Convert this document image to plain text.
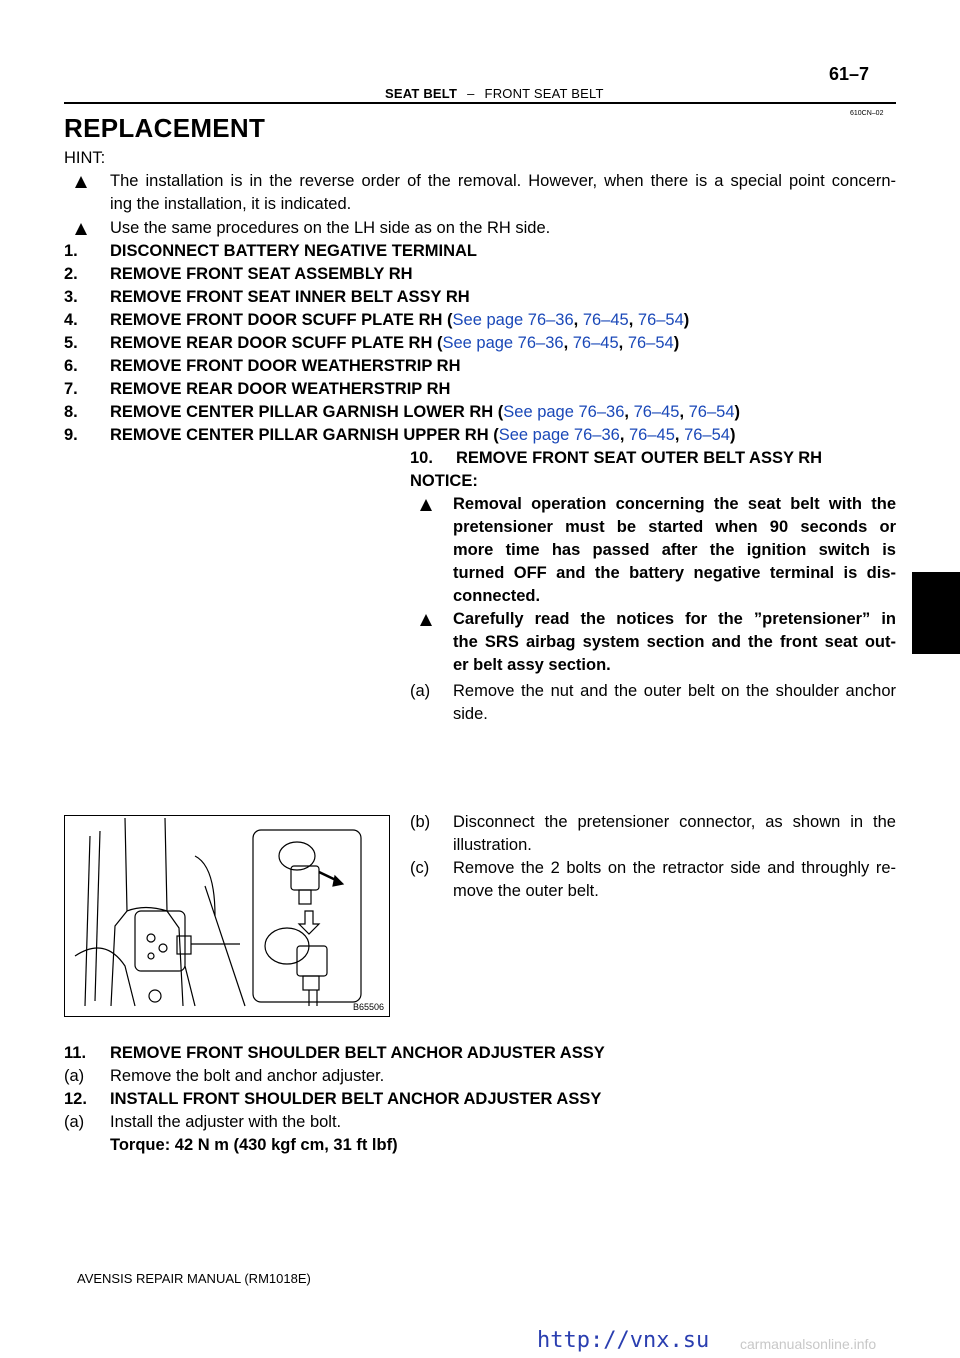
61–7
SEAT BELT – FRONT SEAT BELT
610CN–02
REPLACEMENT
HINT:
The installation is in the reverse order of the removal. However, when there is a special point concern-
ing the installation, it is indicated.
Use the same procedures on the LH side as on the RH side.
1. DISCONNECT BATTERY NEGATIVE TERMINAL
2. REMOVE FRONT SEAT ASSEMBLY RH
3. REMOVE FRONT SEAT INNER BELT ASSY RH
4. REMOVE FRONT DOOR SCUFF PLATE RH (See page 76–36, 76–45, 76–54)
5. REMOVE REAR DOOR SCUFF PLATE RH (See page 76–36, 76–45, 76–54)
6. REMOVE FRONT DOOR WEATHERSTRIP RH
7. REMOVE REAR DOOR WEATHERSTRIP RH
8. REMOVE CENTER PILLAR GARNISH LOWER RH (See page 76–36, 76–45, 76–54)
9. REMOVE CENTER PILLAR GARNISH UPPER RH (See page 76–36, 76–45, 76–54)
10. REMOVE FRONT SEAT OUTER BELT ASSY RH
NOTICE:
Removal operation concerning the seat belt with the
pretensioner must be started when 90 seconds or
more time has passed after the ignition switch is
turned OFF and the battery negative terminal is dis-
connected.
Carefully read the notices for the ”pretensioner” in
the SRS airbag system section and the front seat out-
er belt assy section.
(a) Remove the nut and the outer belt on the shoulder anchor
side.
(b) Disconnect the pretensioner connector, as shown in the
illustration.
(c) Remove the 2 bolts on the retractor side and throughly re-
move the outer belt.
B65506
11. REMOVE FRONT SHOULDER BELT ANCHOR ADJUSTER ASSY
(a) Remove the bolt and anchor adjuster.
12. INSTALL FRONT SHOULDER BELT ANCHOR ADJUSTER ASSY
(a) Install the adjuster with the bolt.
Torque: 42 N m (430 kgf cm, 31 ft lbf)
AVENSIS REPAIR MANUAL (RM1018E)
http://vnx.su carmanualsonline.info
